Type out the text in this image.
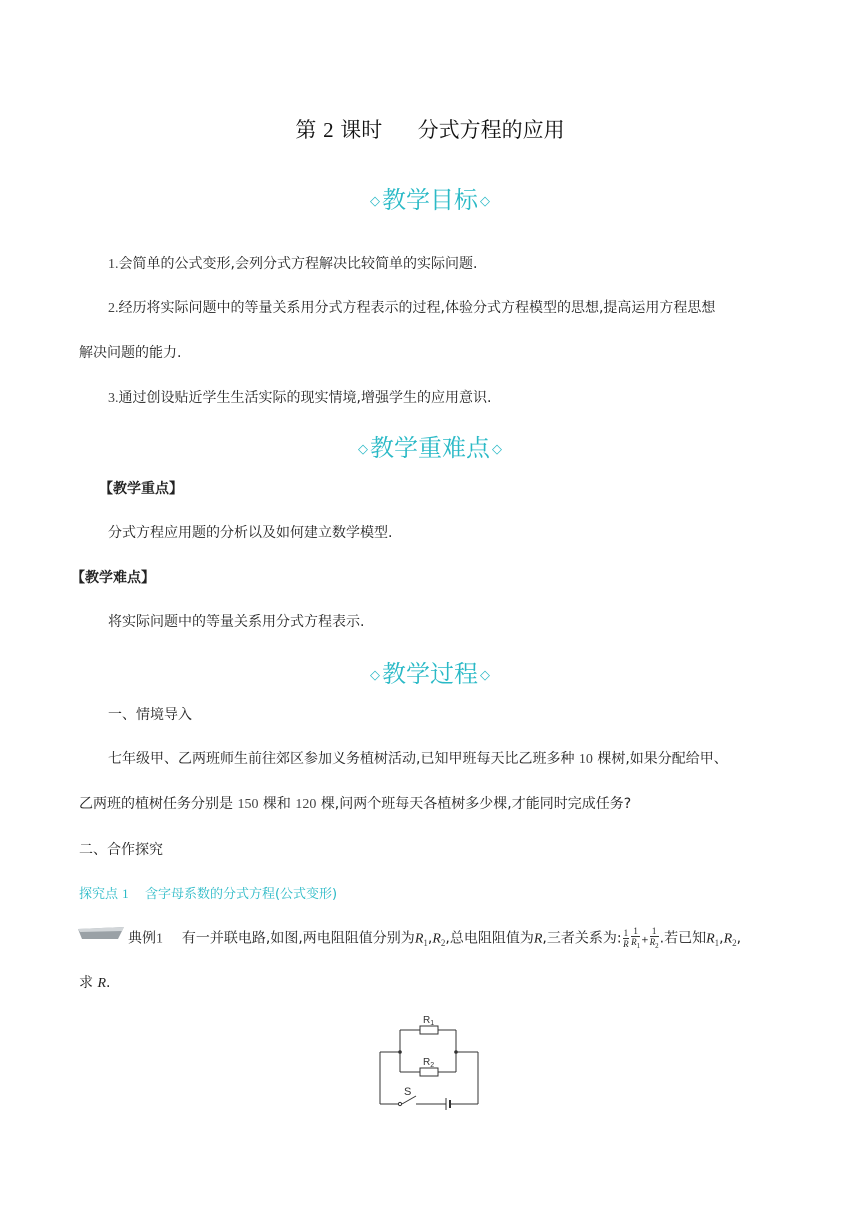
第 2 课时 分式方程的应用
◇教学目标 ◇
1.会简单的公式变形,会列分式方程解决比较简单的实际问题.
2.经历将实际问题中的等量关系用分式方程表示的过程,体验分式方程模型的思想,提高运用方程思想
解决问题的能力.
3.通过创设贴近学生生活实际的现实情境,增强学生的应用意识.
◇教学重难点 ◇
【教学重点】
分式方程应用题的分析以及如何建立数学模型.
【教学难点】
将实际问题中的等量关系用分式方程表示.
◇教学过程 ◇
一、情境导入
七年级甲、乙两班师生前往郊区参加义务植树活动,已知甲班每天比乙班多种 10 棵树,如果分配给甲、
乙两班的植树任务分别是 150 棵和 120 棵,问两个班每天各植树多少棵,才能同时完成任务?
二、合作探究
探究点 1 含字母系数的分式方程(公式变形)
典例1 有一并联电路,如图,两电阻阻值分别为$R_1,R_2$,总电阻阻值为R,三者关系为: $\frac{1}{R} \frac{1}{R_1} + \frac{1}{R_2}$ .若已知$R_1,R_2$,
求 R.
$R_1$
$R_2$
S
